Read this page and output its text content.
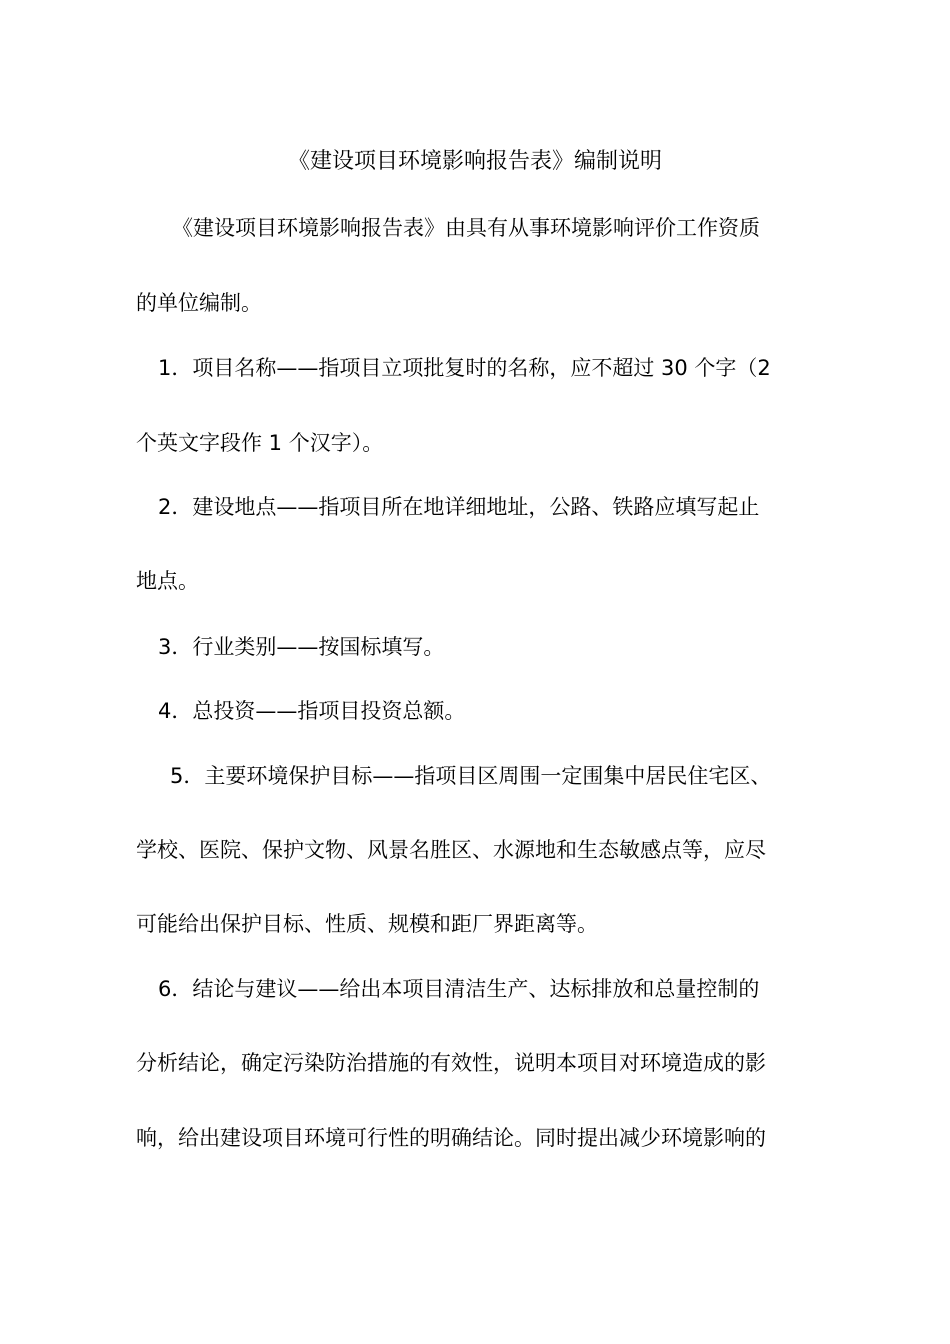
《建设项目环境影响报告表》编制说明
《建设项目环境影响报告表》由具有从事环境影响评价工作资质
的单位编制。
1．项目名称——指项目立项批复时的名称，应不超过 30 个字（2
个英文字段作 1 个汉字）。
2．建设地点——指项目所在地详细地址，公路、铁路应填写起止
地点。
3．行业类别——按国标填写。
4．总投资——指项目投资总额。
5．主要环境保护目标——指项目区周围一定围集中居民住宅区、
学校、医院、保护文物、风景名胜区、水源地和生态敏感点等，应尽
可能给出保护目标、性质、规模和距厂界距离等。
6．结论与建议——给出本项目清洁生产、达标排放和总量控制的
分析结论，确定污染防治措施的有效性，说明本项目对环境造成的影
响，给出建设项目环境可行性的明确结论。同时提出减少环境影响的
